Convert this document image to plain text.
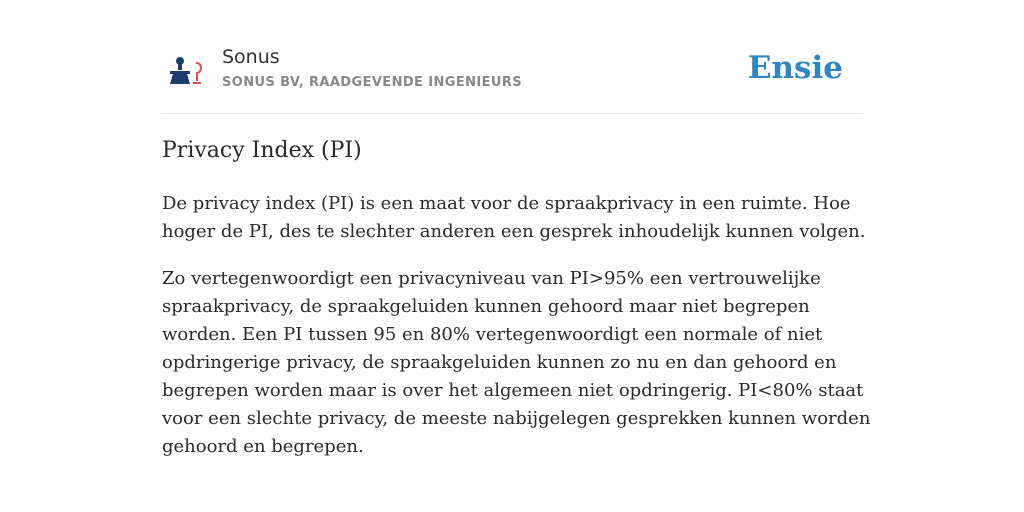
Sonus
SONUS BV, RAADGEVENDE INGENIEURS	Ensie
Privacy Index (PI)

De privacy index (PI) is een maat voor de spraakprivacy in een ruimte. Hoe hoger de PI, des te slechter anderen een gesprek inhoudelijk kunnen volgen.

Zo vertegenwoordigt een privacyniveau van PI>95% een vertrouwelijke spraakprivacy, de spraakgeluiden kunnen gehoord maar niet begrepen worden. Een PI tussen 95 en 80% vertegenwoordigt een normale of niet opdringerige privacy, de spraakgeluiden kunnen zo nu en dan gehoord en begrepen worden maar is over het algemeen niet opdringerig. PI<80% staat voor een slechte privacy, de meeste nabijgelegen gesprekken kunnen worden gehoord en begrepen.
